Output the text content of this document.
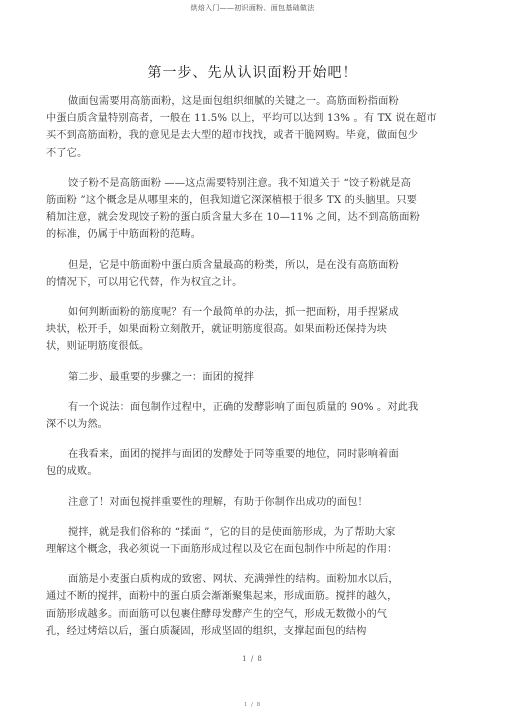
烘焙入门——初识面粉、面包基础做法
第一步、先从认识面粉开始吧！
做面包需要用高筋面粉，这是面包组织细腻的关键之一。高筋面粉指面粉
中蛋白质含量特别高者，一般在 11.5% 以上，平均可以达到 13% 。有 TX 说在超市
买不到高筋面粉，我的意见是去大型的超市找找，或者干脆网购。毕竟，做面包少
不了它。
饺子粉不是高筋面粉 ——这点需要特别注意。我不知道关于 “饺子粉就是高
筋面粉 ”这个概念是从哪里来的，但我知道它深深植根于很多 TX 的头脑里。只要
稍加注意，就会发现饺子粉的蛋白质含量大多在 10—11% 之间，达不到高筋面粉
的标准，仍属于中筋面粉的范畴。
但是，它是中筋面粉中蛋白质含量最高的粉类，所以，是在没有高筋面粉
的情况下，可以用它代替，作为权宜之计。
如何判断面粉的筋度呢？有一个最简单的办法，抓一把面粉，用手捏紧成
块状，松开手，如果面粉立刻散开，就证明筋度很高。如果面粉还保持为块
状，则证明筋度很低。
第二步、最重要的步骤之一：面团的搅拌
有一个说法：面包制作过程中，正确的发酵影响了面包质量的 90% 。对此我
深不以为然。
在我看来，面团的搅拌与面团的发酵处于同等重要的地位，同时影响着面
包的成败。
注意了！对面包搅拌重要性的理解，有助于你制作出成功的面包！
搅拌，就是我们俗称的 “揉面 ”，它的目的是使面筋形成，为了帮助大家
理解这个概念，我必须说一下面筋形成过程以及它在面包制作中所起的作用：
面筋是小麦蛋白质构成的致密、网状、充满弹性的结构。面粉加水以后，
通过不断的搅拌，面粉中的蛋白质会渐渐聚集起来，形成面筋。搅拌的越久，
面筋形成越多。而面筋可以包裹住酵母发酵产生的空气，形成无数微小的气
孔，经过烤焙以后，蛋白质凝固，形成坚固的组织，支撑起面包的结构
1 / 8
1 / 8
